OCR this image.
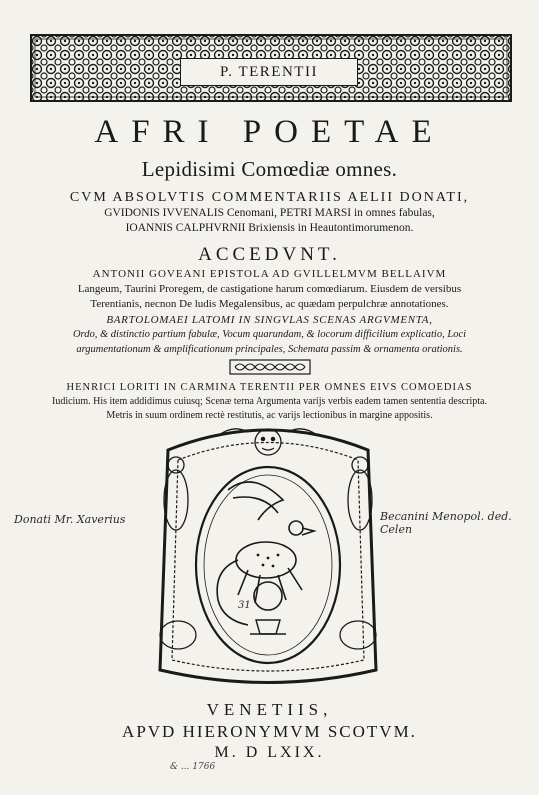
P. TERENTII
AFRI POETAE
Lepidisimi Comœdiæ omnes.
CVM ABSOLVTIS COMMENTARIIS AELII DONATI,
GVIDONIS IVVENALIS Cenomani, PETRI MARSI in omnes fabulas,
IOANNIS CALPHVRNII Brixiensis in Heautontimorumenon.
ACCEDVNT.
ANTONII GOVEANI EPISTOLA AD GVILLELMVM BELLAIVM
Langeum, Taurini Proregem, de castigatione harum comœdiarum. Eiusdem de versibus
Terentianis, necnon De ludis Megalensibus, ac quædam perpulchræ annotationes.
BARTOLOMAEI LATOMI IN SINGVLAS SCENAS ARGVMENTA,
Ordo, & distinctio partium fabulæ, Vocum quarundam, & locorum difficilium explicatio, Loci
argumentationum & amplificationum principales, Schemata passim & ornamenta orationis.
HENRICI LORITI IN CARMINA TERENTII PER OMNES EIVS COMOEDIAS
Iudicium. His item addidimus cuiusq; Scenæ terna Argumenta varijs verbis eadem tamen sententia descripta.
Metris in suum ordinem rectè restitutis, ac varijs lectionibus in margine appositis.
Donati Mr. Xaverius	Becanini Menopol. ded. Celen
31
VENETIIS,
APVD HIERONYMVM SCOTVM.
M. D LXIX.
& ... 1766
